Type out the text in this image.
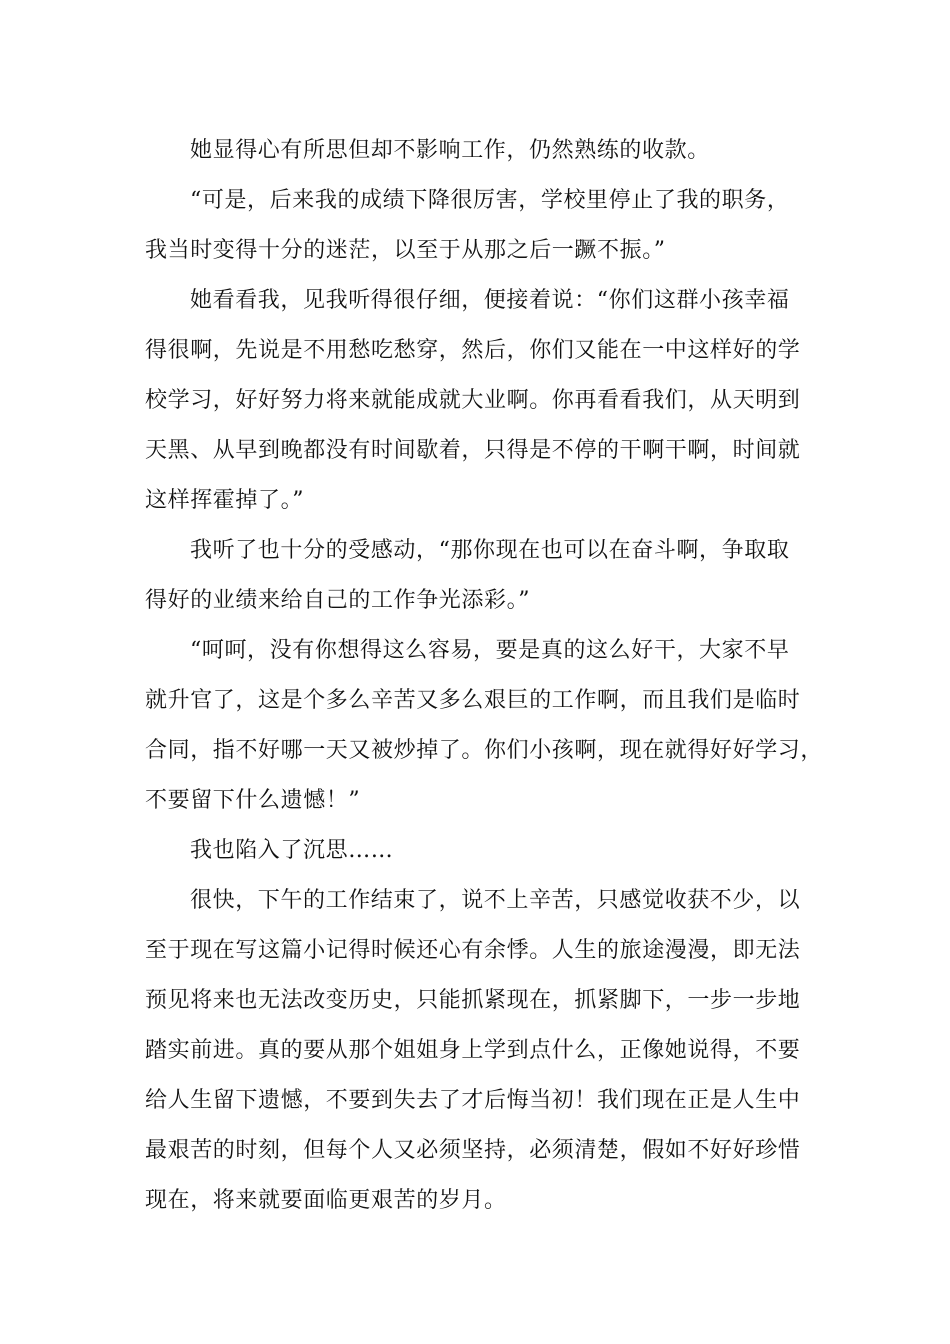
她显得心有所思但却不影响工作，仍然熟练的收款。
“可是，后来我的成绩下降很厉害，学校里停止了我的职务，
我当时变得十分的迷茫，以至于从那之后一蹶不振。”
她看看我，见我听得很仔细，便接着说：“你们这群小孩幸福
得很啊，先说是不用愁吃愁穿，然后，你们又能在一中这样好的学
校学习，好好努力将来就能成就大业啊。你再看看我们，从天明到
天黑、从早到晚都没有时间歇着，只得是不停的干啊干啊，时间就
这样挥霍掉了。”
我听了也十分的受感动，“那你现在也可以在奋斗啊，争取取
得好的业绩来给自己的工作争光添彩。”
“呵呵，没有你想得这么容易，要是真的这么好干，大家不早
就升官了，这是个多么辛苦又多么艰巨的工作啊，而且我们是临时
合同，指不好哪一天又被炒掉了。你们小孩啊，现在就得好好学习，
不要留下什么遗憾！”
我也陷入了沉思……
很快，下午的工作结束了，说不上辛苦，只感觉收获不少，以
至于现在写这篇小记得时候还心有余悸。人生的旅途漫漫，即无法
预见将来也无法改变历史，只能抓紧现在，抓紧脚下，一步一步地
踏实前进。真的要从那个姐姐身上学到点什么，正像她说得，不要
给人生留下遗憾，不要到失去了才后悔当初！我们现在正是人生中
最艰苦的时刻，但每个人又必须坚持，必须清楚，假如不好好珍惜
现在，将来就要面临更艰苦的岁月。
